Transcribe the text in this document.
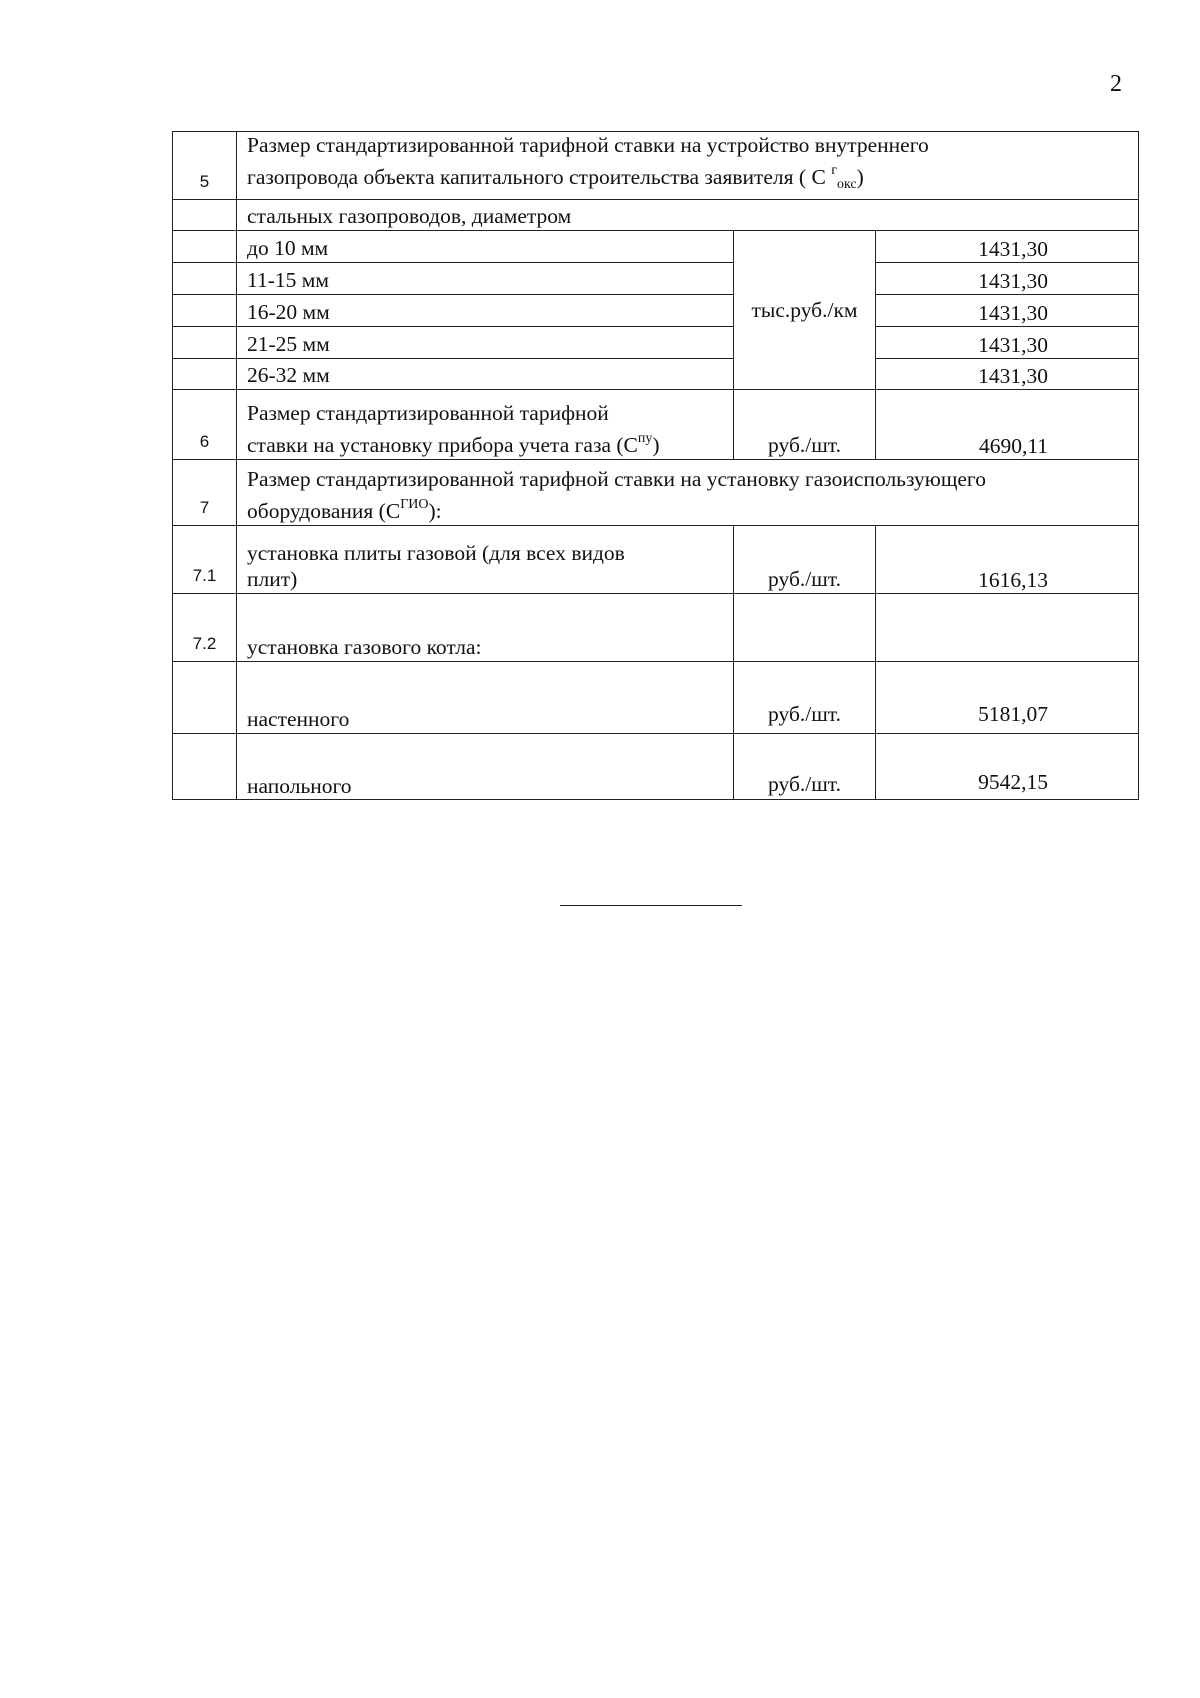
2
5	Размер стандартизированной тарифной ставки на устройство внутреннего
газопровода объекта капитального строительства заявителя ( С $^г_{окс}$)		
	стальных газопроводов, диаметром		
	до 10 мм	тыс.руб./км	1431,30
	11-15 мм		1431,30
	16-20 мм		1431,30
	21-25 мм		1431,30
	26-32 мм		1431,30
6	Размер стандартизированной тарифной
ставки на установку прибора учета газа $(С^{пу})$	руб./шт.	4690,11
7	Размер стандартизированной тарифной ставки на установку газоиспользующего
оборудования $(С^{ГИО})$:		
7.1	установка плиты газовой (для всех видов
плит)	руб./шт.	1616,13
7.2	установка газового котла:		
	настенного	руб./шт.	5181,07
	напольного	руб./шт.	9542,15
